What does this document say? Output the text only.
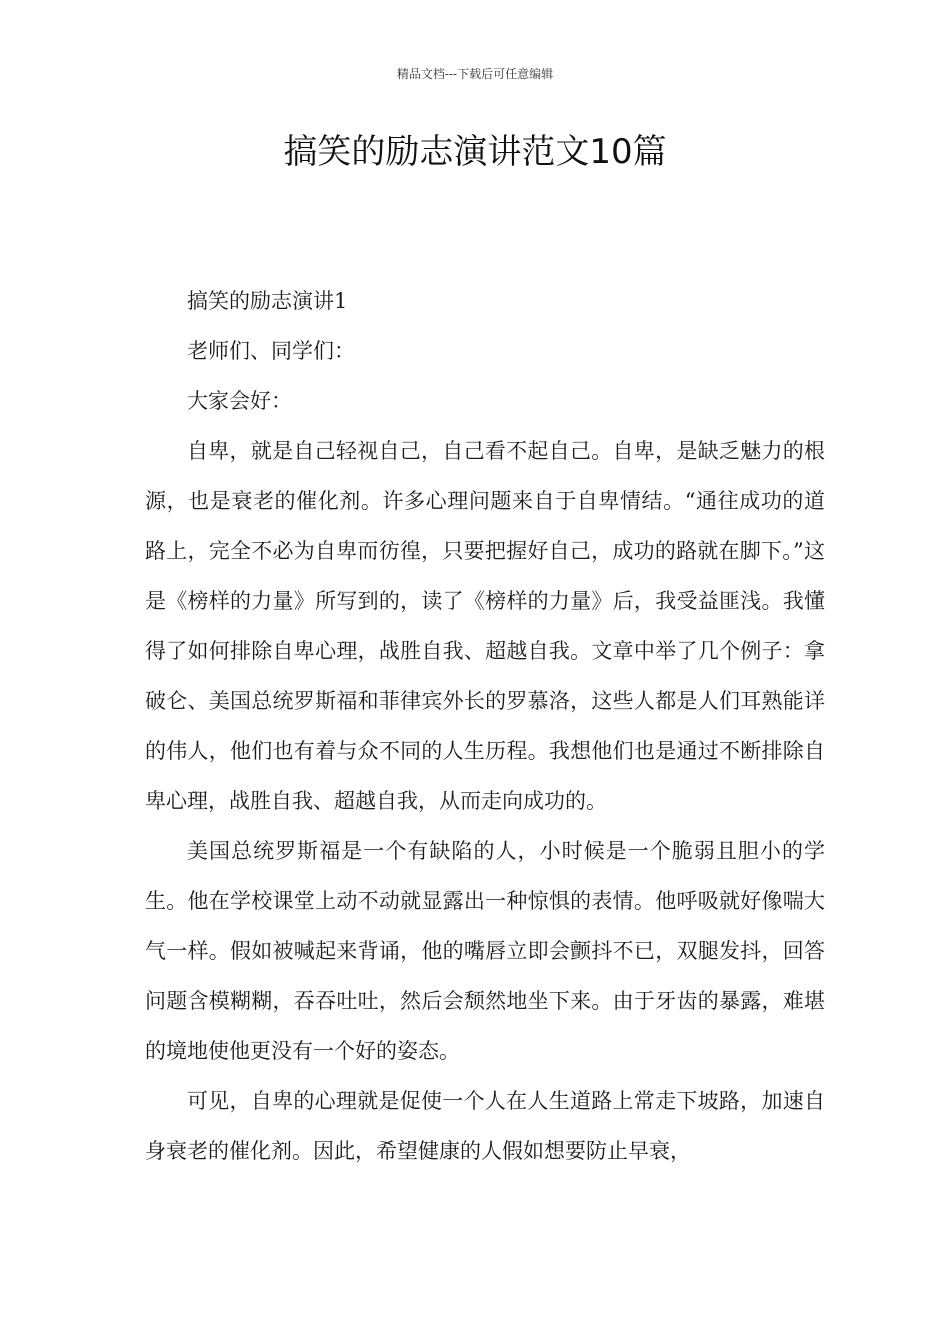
精品文档---下载后可任意编辑
搞笑的励志演讲范文10篇

搞笑的励志演讲1

老师们、同学们：

大家会好：

自卑，就是自己轻视自己，自己看不起自己。自卑，是缺乏魅力的根源，也是衰老的催化剂。许多心理问题来自于自卑情结。“通往成功的道路上，完全不必为自卑而彷徨，只要把握好自己，成功的路就在脚下。”这是《榜样的力量》所写到的，读了《榜样的力量》后，我受益匪浅。我懂得了如何排除自卑心理，战胜自我、超越自我。文章中举了几个例子：拿破仑、美国总统罗斯福和菲律宾外长的罗慕洛，这些人都是人们耳熟能详的伟人，他们也有着与众不同的人生历程。我想他们也是通过不断排除自卑心理，战胜自我、超越自我，从而走向成功的。

美国总统罗斯福是一个有缺陷的人，小时候是一个脆弱且胆小的学生。他在学校课堂上动不动就显露出一种惊惧的表情。他呼吸就好像喘大气一样。假如被喊起来背诵，他的嘴唇立即会颤抖不已，双腿发抖，回答问题含模糊糊，吞吞吐吐，然后会颓然地坐下来。由于牙齿的暴露，难堪的境地使他更没有一个好的姿态。

可见，自卑的心理就是促使一个人在人生道路上常走下坡路，加速自身衰老的催化剂。因此，希望健康的人假如想要防止早衰，
